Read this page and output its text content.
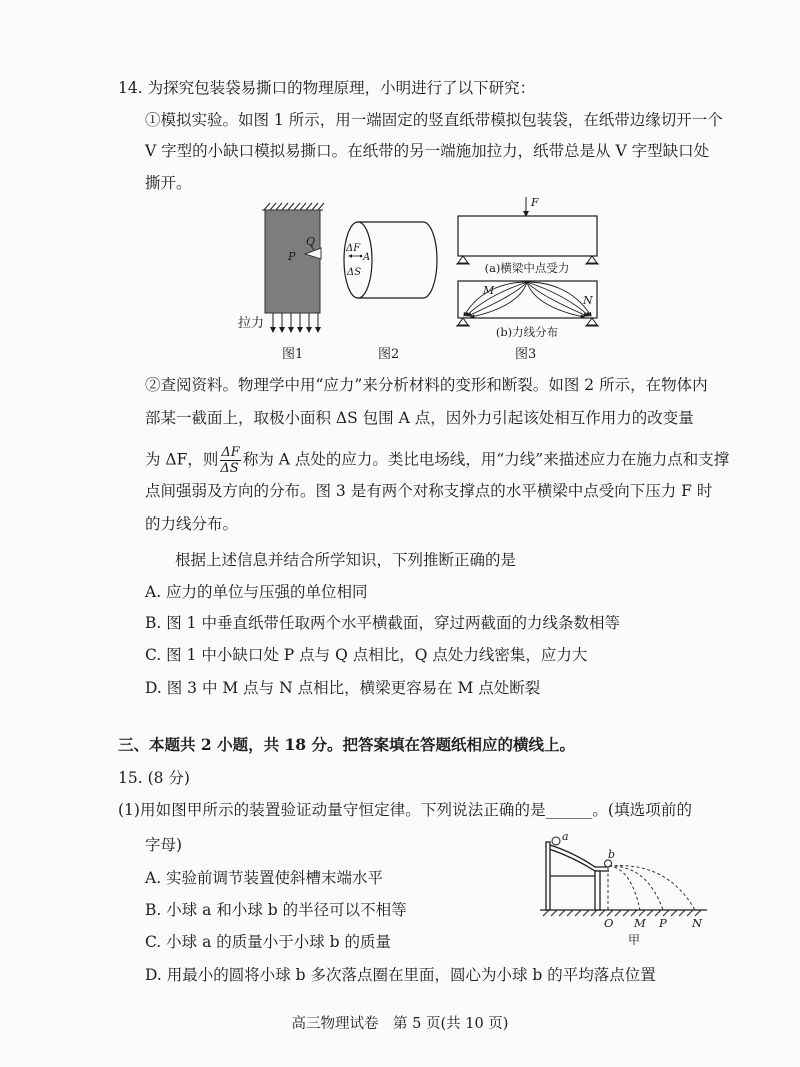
14. 为探究包装袋易撕口的物理原理，小明进行了以下研究：
①模拟实验。如图 1 所示，用一端固定的竖直纸带模拟包装袋，在纸带边缘切开一个
V 字型的小缺口模拟易撕口。在纸带的另一端施加拉力，纸带总是从 V 字型缺口处
撕开。
P
Q
拉力
图1
ΔF
A
ΔS
图2
F
(a)横梁中点受力
M
N
(b)力线分布
图3
②查阅资料。物理学中用“应力”来分析材料的变形和断裂。如图 2 所示，在物体内
部某一截面上，取极小面积 ΔS 包围 A 点，因外力引起该处相互作用力的改变量
为 ΔF，则 $\frac{\Delta F}{\Delta S}$ 称为 A 点处的应力。类比电场线，用“力线”来描述应力在施力点和支撑
点间强弱及方向的分布。图 3 是有两个对称支撑点的水平横梁中点受向下压力 F 时
的力线分布。
根据上述信息并结合所学知识，下列推断正确的是
A. 应力的单位与压强的单位相同
B. 图 1 中垂直纸带任取两个水平横截面，穿过两截面的力线条数相等
C. 图 1 中小缺口处 P 点与 Q 点相比，Q 点处力线密集，应力大
D. 图 3 中 M 点与 N 点相比，横梁更容易在 M 点处断裂
三、本题共 2 小题，共 18 分。把答案填在答题纸相应的横线上。
15. (8 分)
(1)用如图甲所示的装置验证动量守恒定律。下列说法正确的是______。(填选项前的
字母)
A. 实验前调节装置使斜槽末端水平
B. 小球 a 和小球 b 的半径可以不相等
C. 小球 a 的质量小于小球 b 的质量
D. 用最小的圆将小球 b 多次落点圈在里面，圆心为小球 b 的平均落点位置
a
b
O M P N
甲
高三物理试卷　第 5 页(共 10 页)
